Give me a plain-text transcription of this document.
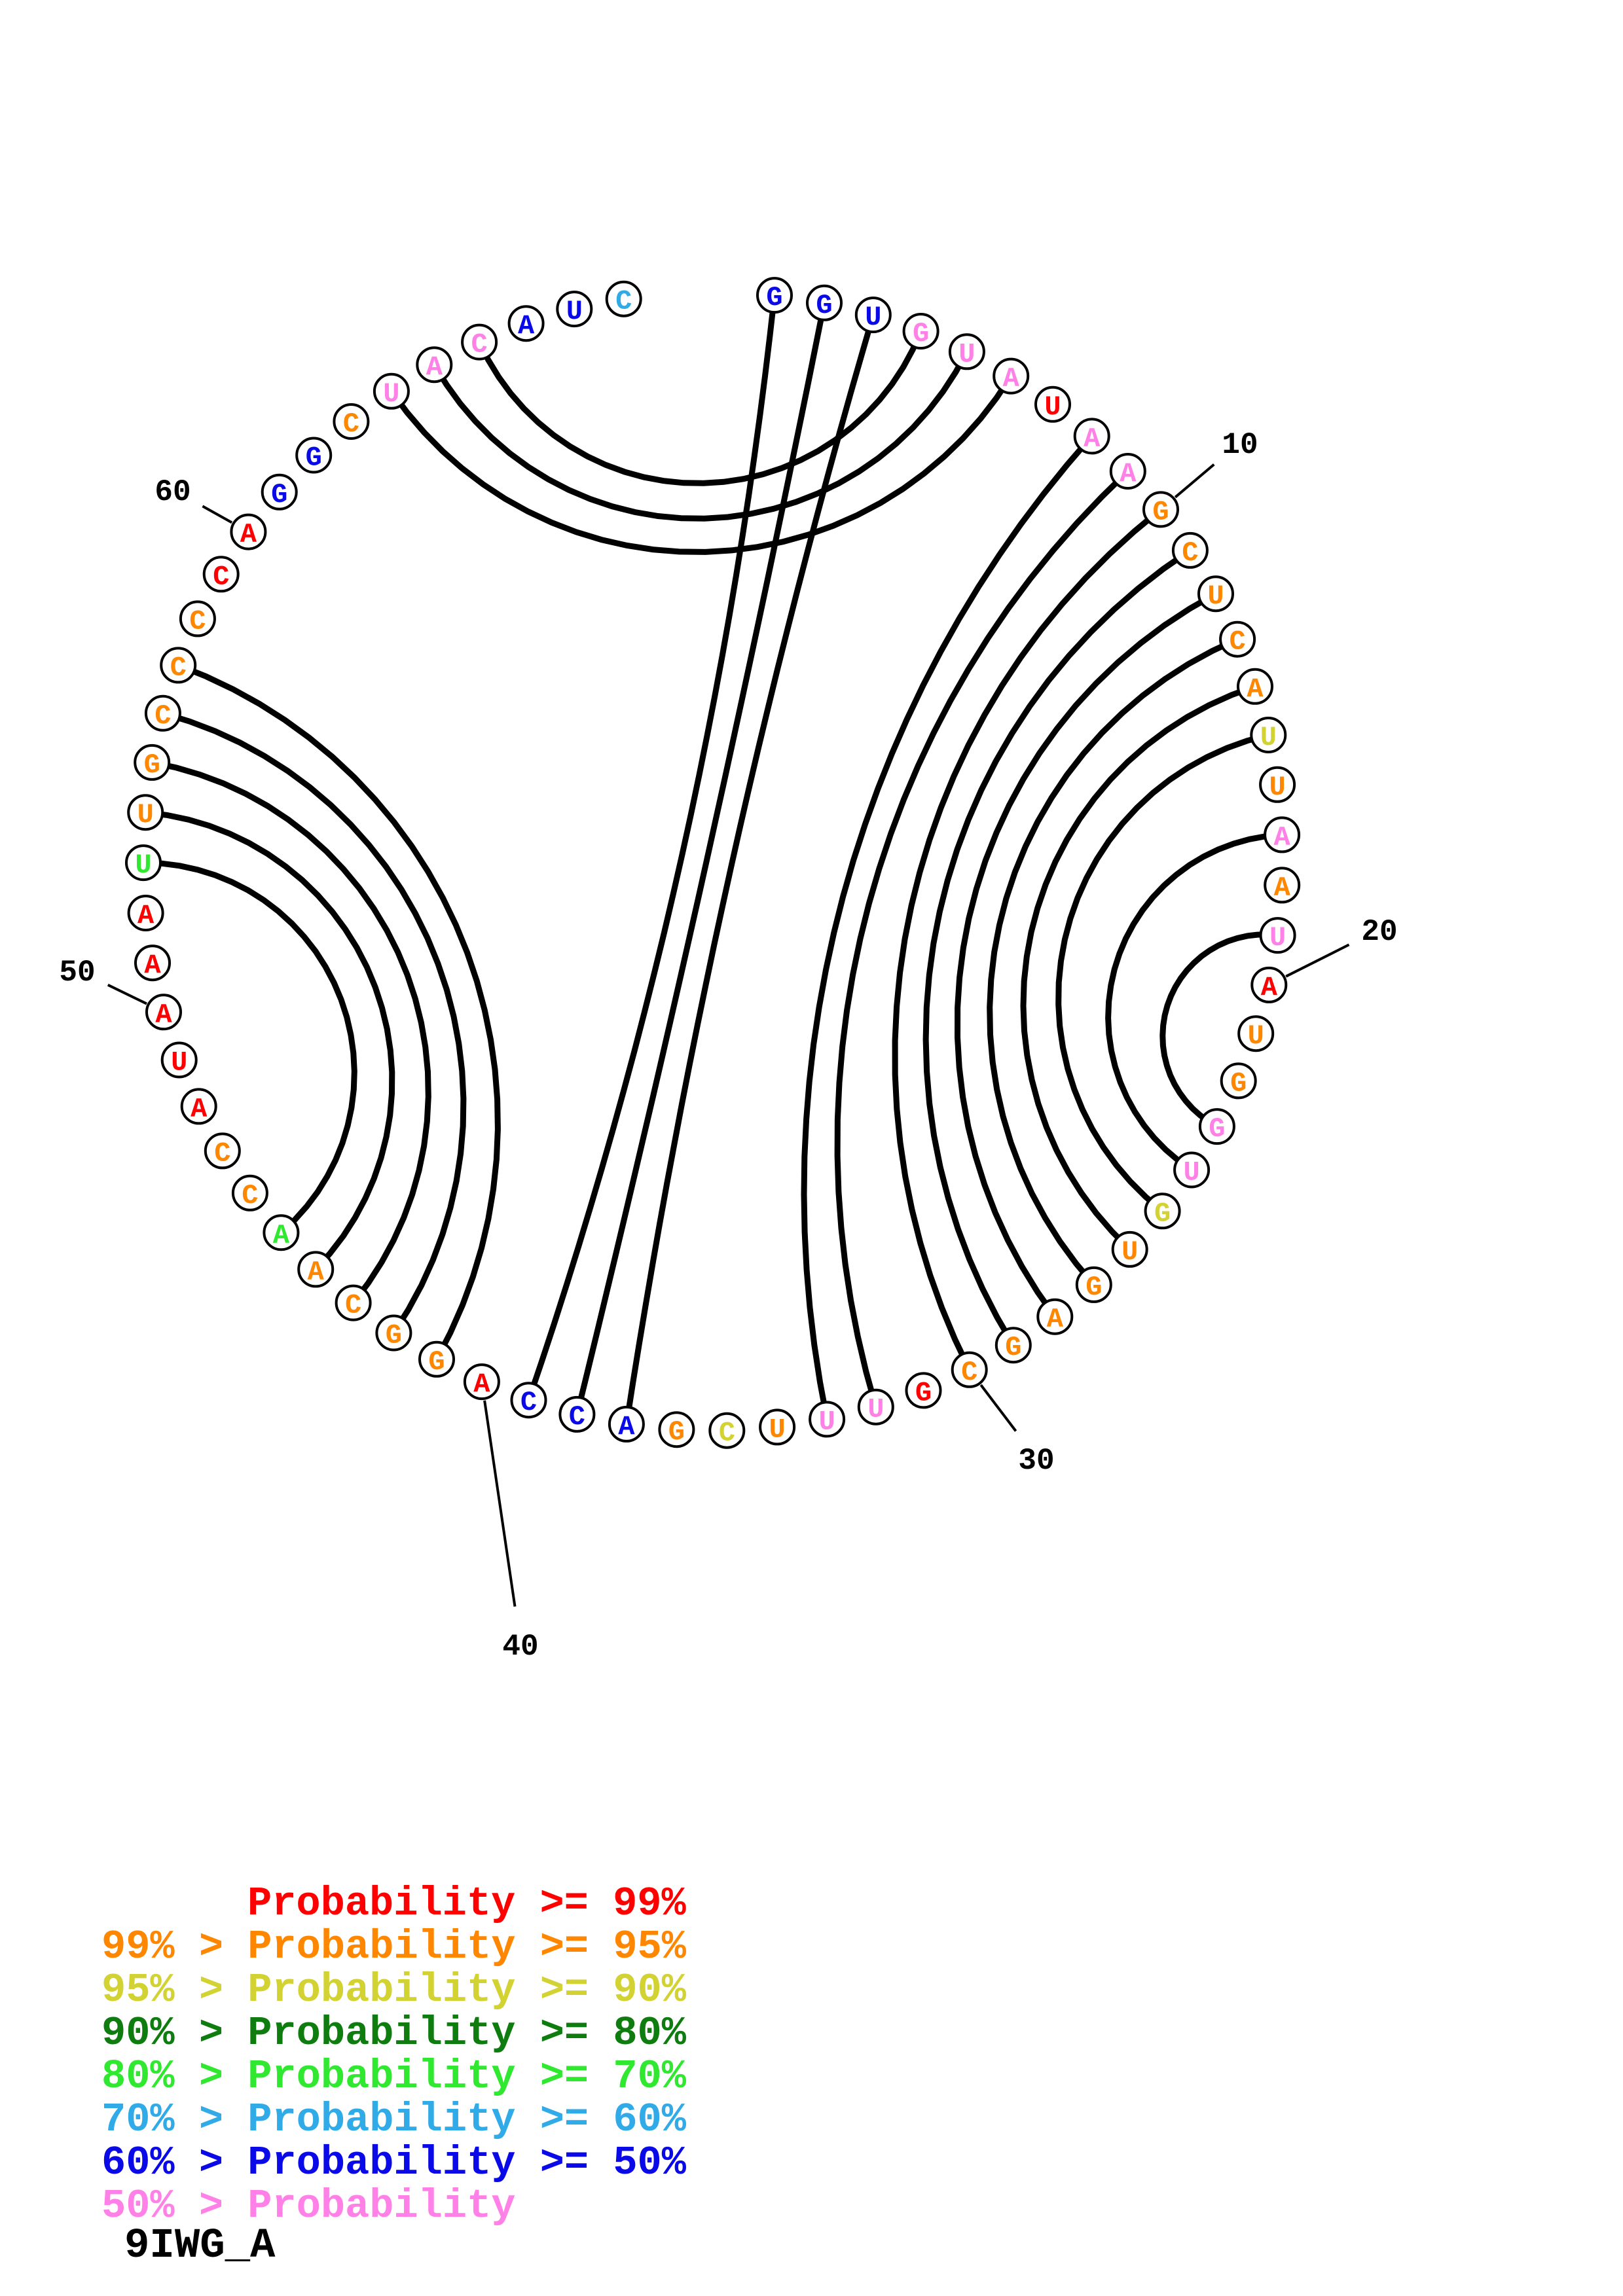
G G U
G
U
A
U
A
A
G
C
U
C
A
U
U
A
A
U
A
U
G
G
U
G
U
G
A
G
C
G
U
U
U
C
G
A
C
C
A
G
G
C
A
A
C
C
A
U
A
A
A
U
U
G
C
C
C
C
A
G
G
C
U
A
C
A U C
10
20
30
40
50
60
Probability >= 99%
99% > Probability >= 95%
95% > Probability >= 90%
90% > Probability >= 80%
80% > Probability >= 70%
70% > Probability >= 60%
60% > Probability >= 50%
50% > Probability
9IWG_A
